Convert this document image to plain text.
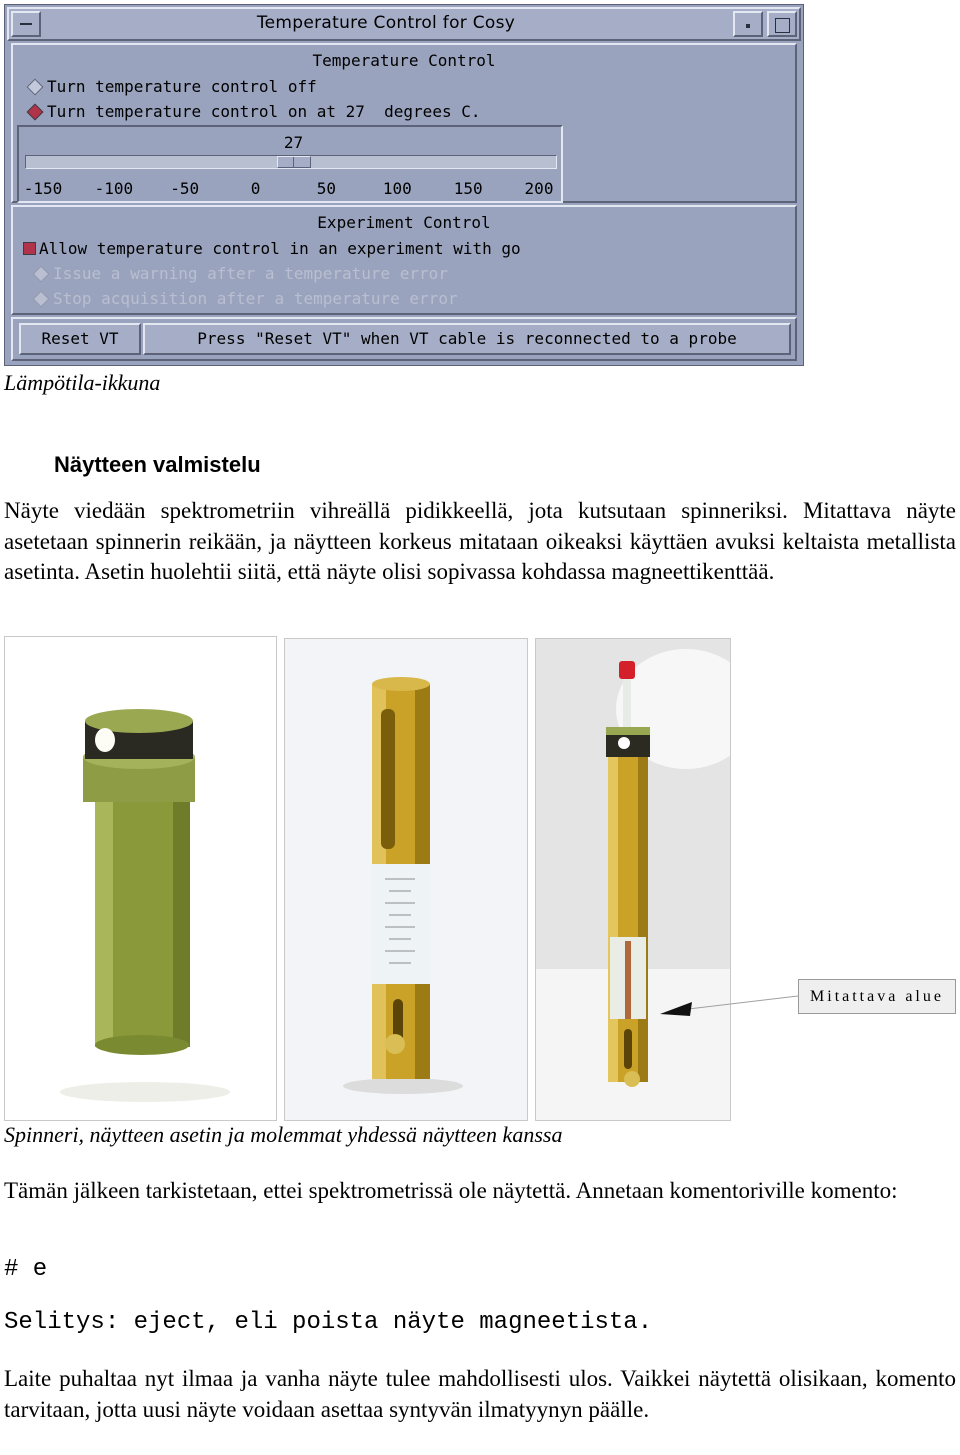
Temperature Control for Cosy
Temperature Control

Turn temperature control off

Turn temperature control on at 27  degrees C.

27
-150 -100 -50	0	50	100	150	200
Experiment Control

Allow temperature control in an experiment with go

Issue a warning after a temperature error

Stop acquisition after a temperature error

Reset VT	Press "Reset VT" when VT cable is reconnected to a probe
Lämpötila-ikkuna
Näytteen valmistelu
Näyte viedään spektrometriin vihreällä pidikkeellä, jota kutsutaan spinneriksi. Mitattava näyte asetetaan spinnerin reikään, ja näytteen korkeus mitataan oikeaksi käyttäen avuksi keltaista metallista asetinta. Asetin huolehtii siitä, että näyte olisi sopivassa kohdassa magneettikenttää.
Mitattava alue
Spinneri, näytteen asetin ja molemmat yhdessä näytteen kanssa
Tämän jälkeen tarkistetaan, ettei spektrometrissä ole näytettä. Annetaan komentoriville komento:
# e
Selitys: eject, eli poista näyte magneetista.
Laite puhaltaa nyt ilmaa ja vanha näyte tulee mahdollisesti ulos. Vaikkei näytettä olisikaan, komento tarvitaan, jotta uusi näyte voidaan asettaa syntyvän ilmatyynyn päälle.
